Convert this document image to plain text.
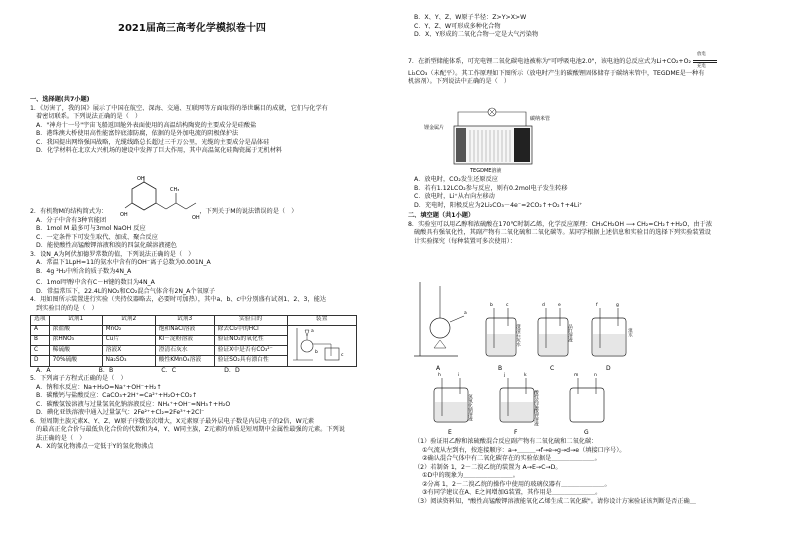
2021届高三高考化学模拟卷十四
一、选择题(共7小题)
1．《厉害了，我的国》展示了中国在航空、深海、交通、互联网等方面取得的举世瞩目的成就，它们与化学有
着密切联系。下列说法正确的是（　）
A．"神舟十一号"宇宙飞船返回舱外表面使用的高温结构陶瓷的主要成分是硅酸盐
B．港珠澳大桥使用高性能富锌底漆防腐，依据的是外加电流的阴极保护法
C．我国提出网络强国战略，光缆线路总长超过三千万公里，光缆的主要成分是晶体硅
D．化学材料在北京大兴机场的建设中发挥了巨大作用，其中高温氮化硅陶瓷属于无机材料
OH
OH
CH₃
OH
2．有机物M的结构简式为：	，下列关于M的说法错误的是（　）
A．分子中含有3种官能团
B．1mol M 最多可与3mol NaOH 反应
C．一定条件下可发生取代、加成、聚合反应
D．能使酸性高锰酸钾溶液和溴的四氯化碳溶液褪色
3．设N_A为阿伏加德罗常数的值，下列说法正确的是（　）
A．常温下1LpH=11的氨水中含有的OH⁻离子总数为0.001N_A
B．4g ²H₂中所含的质子数为4N_A
C．1mol甲醇中含有C－H键的数目为4N_A
D．常温常压下，22.4L的NO₂和CO₂混合气体含有2N_A个氧原子
4．用如图所示装置进行实验（夹持仪器略去，必要时可加热），其中a、b、c中分别盛有试剂1、2、3，能达
到实验目的的是（　）
选项	试剂1	试剂2	试剂3	实验目的	装置
A	浓盐酸	MnO₂	饱和NaCl溶液	除去Cl₂中的HCl	a
b
c

B	浓HNO₃	Cu片	KI－淀粉溶液	验证NO₂的氧化性	
C	稀硫酸	溶液X	澄清石灰水	验证X中是否有CO₃²⁻	
D	70%硫酸	Na₂SO₃	酸性KMnO₄溶液	验证SO₂具有漂白性	
A．A	B．B	C．C	D．D
5．下列离子方程式正确的是（　）
A．钠和水反应：Na+H₂O=Na⁺+OH⁻+H₂↑
B．碳酸钙与盐酸反应：CaCO₃+2H⁺=Ca²⁺+H₂O+CO₂↑
C．碳酸氢铵溶液与过量氢氧化钠溶液反应：NH₄⁺+OH⁻=NH₃↑+H₂O
D．碘化亚铁溶液中通入过量氯气：2Fe²⁺+Cl₂=2Fe³⁺+2Cl⁻
6．短周期主族元素X、Y、Z、W原子序数依次增大，X元素原子最外层电子数是内层电子的2倍，W元素
的最高正化合价与最低负化合价的代数和为4，Y、W同主族，Z元素的单质是短周期中金属性最强的元素。下列说
法正确的是（　）
A．X的氢化物沸点一定低于Y的氢化物沸点
B．X、Y、Z、W原子半径：Z>Y>X>W
C．Y、Z、W可形成多种化合物
D．X、Y形成的二氧化合物一定是大气污染物
7．在新型储能体系，可充电锂二氧化碳电池被称为"可呼吸电池2.0"，该电池的总反应式为Li+CO₂+O₂
放电
充电
Li₂CO₃（未配平）。其工作原理如下图所示（放电时产生的碳酸锂固体储存于碳纳米管中，TEGDME是一种有
机溶剂）。下列说法中正确的是（　）
锂金属片
碳纳米管
TEGDME溶液
A．放电时，CO₂发生还原反应
B．若有1.12LCO₂参与反应，则有0.2mol电子发生转移
C．放电时，Li⁺从右向左移动
D．充电时，阳极反应为2Li₂CO₃－4e⁻=2CO₂↑+O₂↑+4Li⁺
二、填空题（共1小题）
8．实验室可以用乙醇和浓硫酸在170℃时制乙烯，化学反应原理：CH₃CH₂OH ⟶ CH₂=CH₂↑+H₂O，由于浓
硫酸具有强氧化性，其副产物有二氧化硫和二氧化碳等。某同学根据上述信息和实验目的选择下列实验装置设
计实验探究（每种装置可多次使用）：
A
a
b	c
澄清石灰水
B
d	e
品红溶液
C
f	g
溴水
D
h	i
氢氧化钠溶液
E
j	k
酸性高锰酸钾溶液
F
m	n
G
（1）验证用乙醇和浓硫酸混合反应副产物有二氧化硫和二氧化碳：
①气流从左到右，按连接顺序：a→＿＿＿→f→e→g→d→e（填接口序号）。
②确认混合气体中有二氧化碳存在的实验依据是＿＿＿＿＿＿＿。
（2）若制备 1，2－二溴乙烷的装置为 A→E→C→D。
①D中的现象为＿＿＿＿＿＿＿＿。
②分离 1，2－二溴乙烷的操作中使用的玻璃仪器有＿＿＿＿＿＿＿。
③有同学建议在A、E之间增加G装置，其作用是＿＿＿＿＿＿＿。
（3）阅读资料知，"酸性高锰酸钾溶液能氧化乙烯生成二氧化碳"。请你设计方案验证该判断是否正确＿
